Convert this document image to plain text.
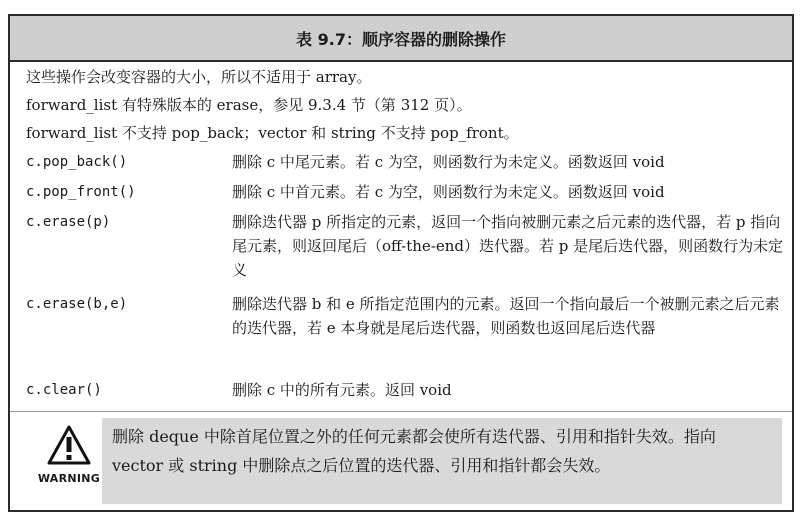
表 9.7：顺序容器的删除操作
这些操作会改变容器的大小，所以不适用于 array。
forward_list 有特殊版本的 erase，参见 9.3.4 节（第 312 页）。
forward_list 不支持 pop_back；vector 和 string 不支持 pop_front。
c.pop_back()	删除 c 中尾元素。若 c 为空，则函数行为未定义。函数返回 void
c.pop_front()	删除 c 中首元素。若 c 为空，则函数行为未定义。函数返回 void
c.erase(p)	删除迭代器 p 所指定的元素，返回一个指向被删元素之后元素的迭代器，若 p 指向尾元素，则返回尾后（off-the-end）迭代器。若 p 是尾后迭代器，则函数行为未定义
c.erase(b,e)	删除迭代器 b 和 e 所指定范围内的元素。返回一个指向最后一个被删元素之后元素的迭代器，若 e 本身就是尾后迭代器，则函数也返回尾后迭代器
c.clear()	删除 c 中的所有元素。返回 void
WARNING
删除 deque 中除首尾位置之外的任何元素都会使所有迭代器、引用和指针失效。指向 vector 或 string 中删除点之后位置的迭代器、引用和指针都会失效。
